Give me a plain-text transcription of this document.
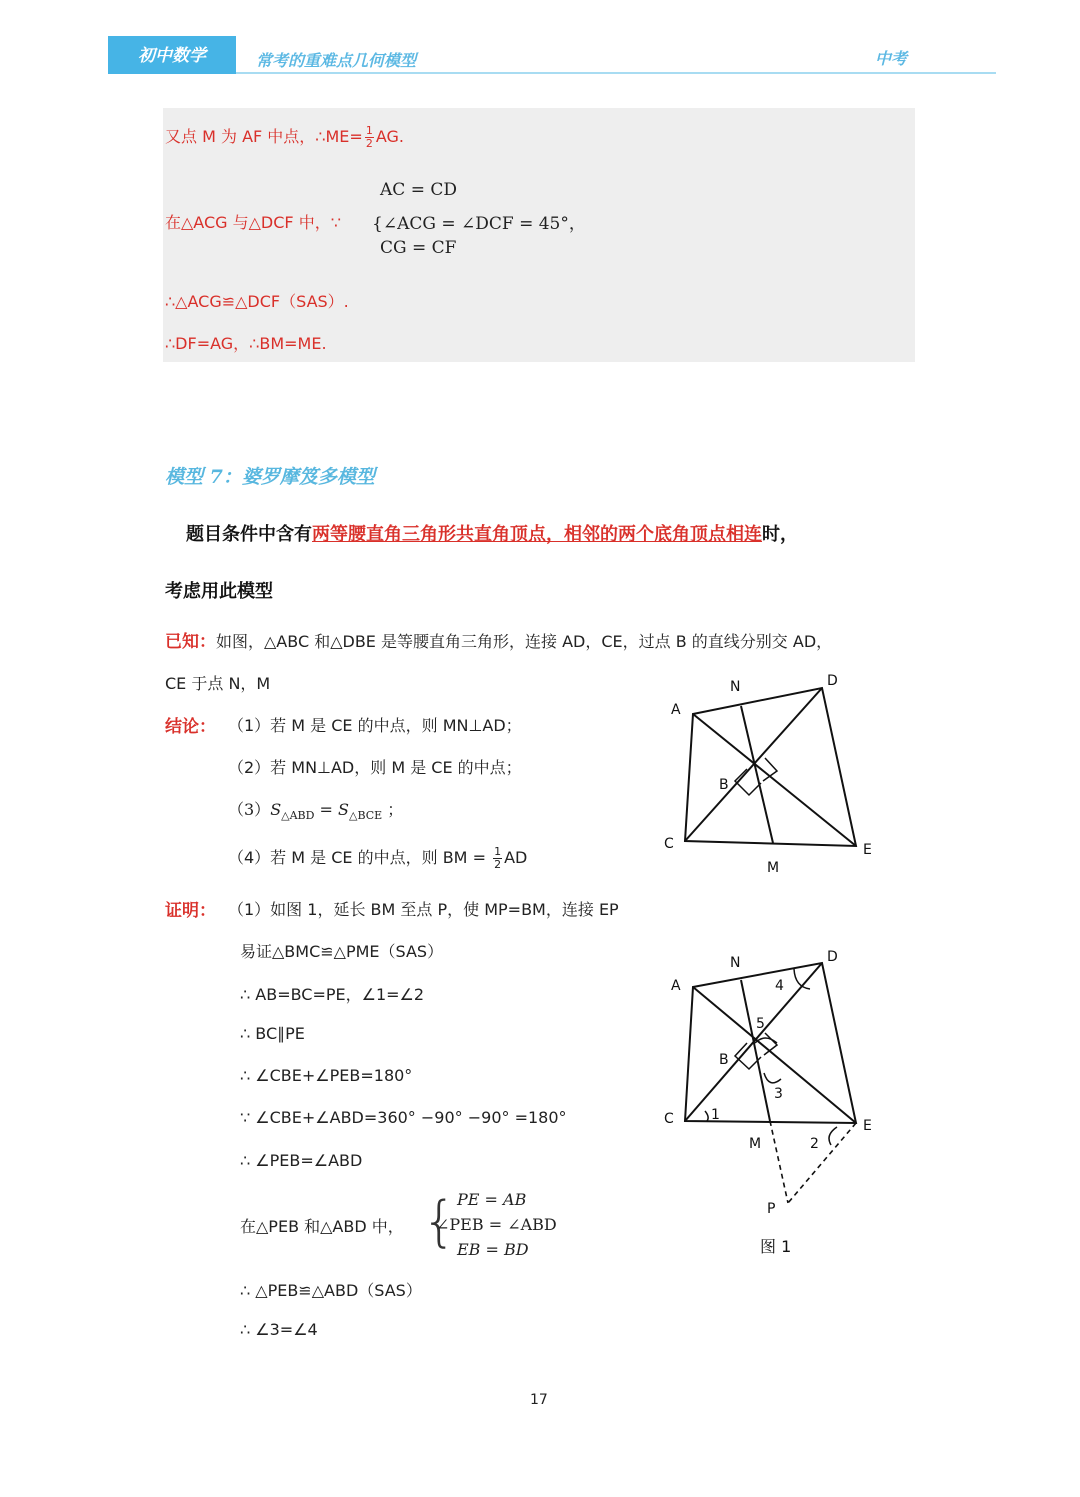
初中数学	常考的重难点几何模型	中考
又点 M 为 AF 中点，∴ME= $\frac{1}{2}$ AG.
在△ACG 与△DCF 中，∵
AC = CD
{∠ACG = ∠DCF = 45°，
CG = CF
∴△ACG≌△DCF（SAS）.
∴DF=AG，∴BM=ME.
模型 7：婆罗摩笈多模型
题目条件中含有两等腰直角三角形共直角顶点，相邻的两个底角顶点相连时，
考虑用此模型
已知：如图，△ABC 和△DBE 是等腰直角三角形，连接 AD，CE，过点 B 的直线分别交 AD，
CE 于点 N，M
结论： （1）若 M 是 CE 的中点，则 MN⊥AD；
（2）若 MN⊥AD，则 M 是 CE 的中点；
$(3)S_{\triangle ABD} = S_{\triangle BCE}$ ；
（4）若 M 是 CE 的中点，则 BM = $\frac{1}{2}$ AD
A
N	D
B
C	E
M
证明： （1）如图 1，延长 BM 至点 P，使 MP=BM，连接 EP
易证△BMC≌△PME（SAS）
∴ AB=BC=PE，∠1=∠2
∴ BC∥PE
∴ ∠CBE+∠PEB=180°
∵ ∠CBE+∠ABD=360° −90° −90° =180°
∴ ∠PEB=∠ABD
在△PEB 和△ABD 中， { PE = AB
∠PEB = ∠ABD
EB = BD
∴ △PEB≌△ABD（SAS）
∴ ∠3=∠4
A
N	D
B
C	E
M
P
1
2
3
4
5
图 1
17
